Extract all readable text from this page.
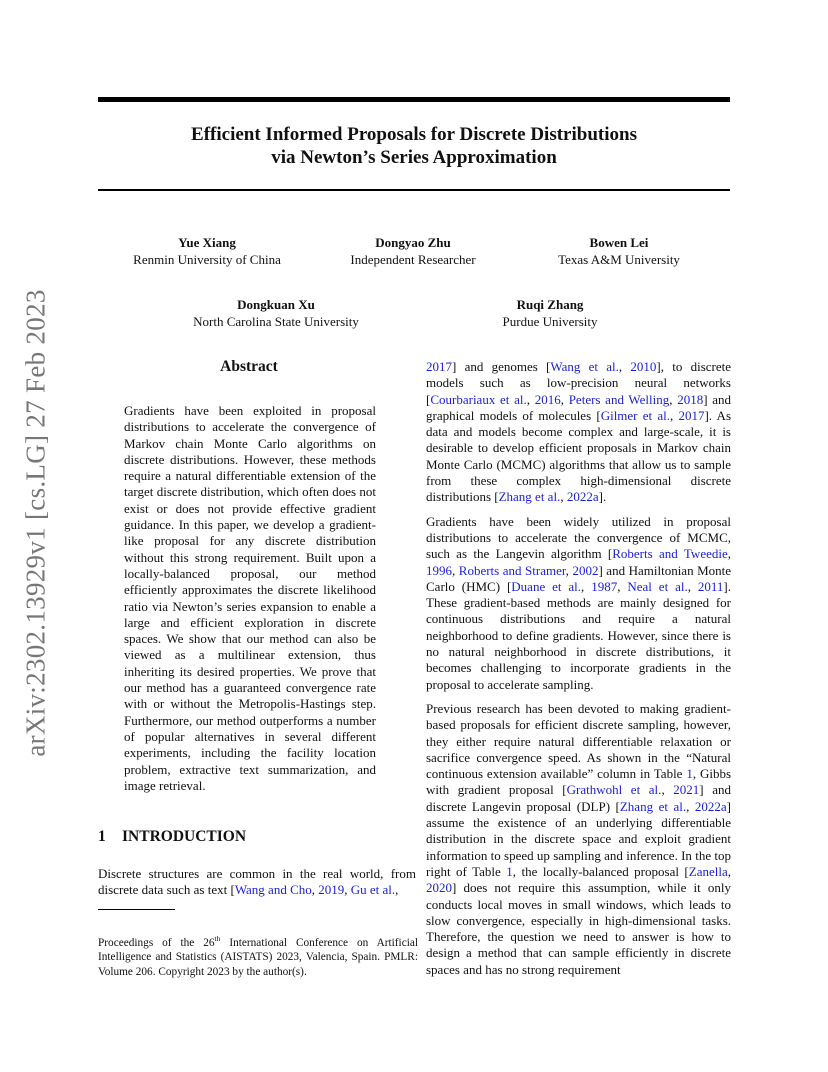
Efficient Informed Proposals for Discrete Distributions
via Newton’s Series Approximation
Yue Xiang
Renmin University of China
Dongyao Zhu
Independent Researcher
Bowen Lei
Texas A&M University
Dongkuan Xu
North Carolina State University
Ruqi Zhang
Purdue University
arXiv:2302.13929v1 [cs.LG] 27 Feb 2023	Abstract
Gradients have been exploited in proposal distributions to accelerate the convergence of Markov chain Monte Carlo algorithms on discrete distributions. However, these methods require a natural differentiable extension of the target discrete distribution, which often does not exist or does not provide effective gradient guidance. In this paper, we develop a gradient-like proposal for any discrete distribution without this strong requirement. Built upon a locally-balanced proposal, our method efficiently approximates the discrete likelihood ratio via Newton’s series expansion to enable a large and efficient exploration in discrete spaces. We show that our method can also be viewed as a multilinear extension, thus inheriting its desired properties. We prove that our method has a guaranteed convergence rate with or without the Metropolis-Hastings step. Furthermore, our method outperforms a number of popular alternatives in several different experiments, including the facility location problem, extractive text summarization, and image retrieval.
1 INTRODUCTION
Discrete structures are common in the real world, from discrete data such as text [Wang and Cho, 2019, Gu et al.,
Proceedings of the 26th International Conference on Artificial Intelligence and Statistics (AISTATS) 2023, Valencia, Spain. PMLR: Volume 206. Copyright 2023 by the author(s).

2017] and genomes [Wang et al., 2010], to discrete models such as low-precision neural networks [Courbariaux et al., 2016, Peters and Welling, 2018] and graphical models of molecules [Gilmer et al., 2017]. As data and models become complex and large-scale, it is desirable to develop efficient proposals in Markov chain Monte Carlo (MCMC) algorithms that allow us to sample from these complex high-dimensional discrete distributions [Zhang et al., 2022a].

Gradients have been widely utilized in proposal distributions to accelerate the convergence of MCMC, such as the Langevin algorithm [Roberts and Tweedie, 1996, Roberts and Stramer, 2002] and Hamiltonian Monte Carlo (HMC) [Duane et al., 1987, Neal et al., 2011]. These gradient-based methods are mainly designed for continuous distributions and require a natural neighborhood to define gradients. However, since there is no natural neighborhood in discrete distributions, it becomes challenging to incorporate gradients in the proposal to accelerate sampling.

Previous research has been devoted to making gradient-based proposals for efficient discrete sampling, however, they either require natural differentiable relaxation or sacrifice convergence speed. As shown in the “Natural continuous extension available” column in Table 1, Gibbs with gradient proposal [Grathwohl et al., 2021] and discrete Langevin proposal (DLP) [Zhang et al., 2022a] assume the existence of an underlying differentiable distribution in the discrete space and exploit gradient information to speed up sampling and inference. In the top right of Table 1, the locally-balanced proposal [Zanella, 2020] does not require this assumption, while it only conducts local moves in small windows, which leads to slow convergence, especially in high-dimensional tasks. Therefore, the question we need to answer is how to design a method that can sample efficiently in discrete spaces and has no strong requirement
